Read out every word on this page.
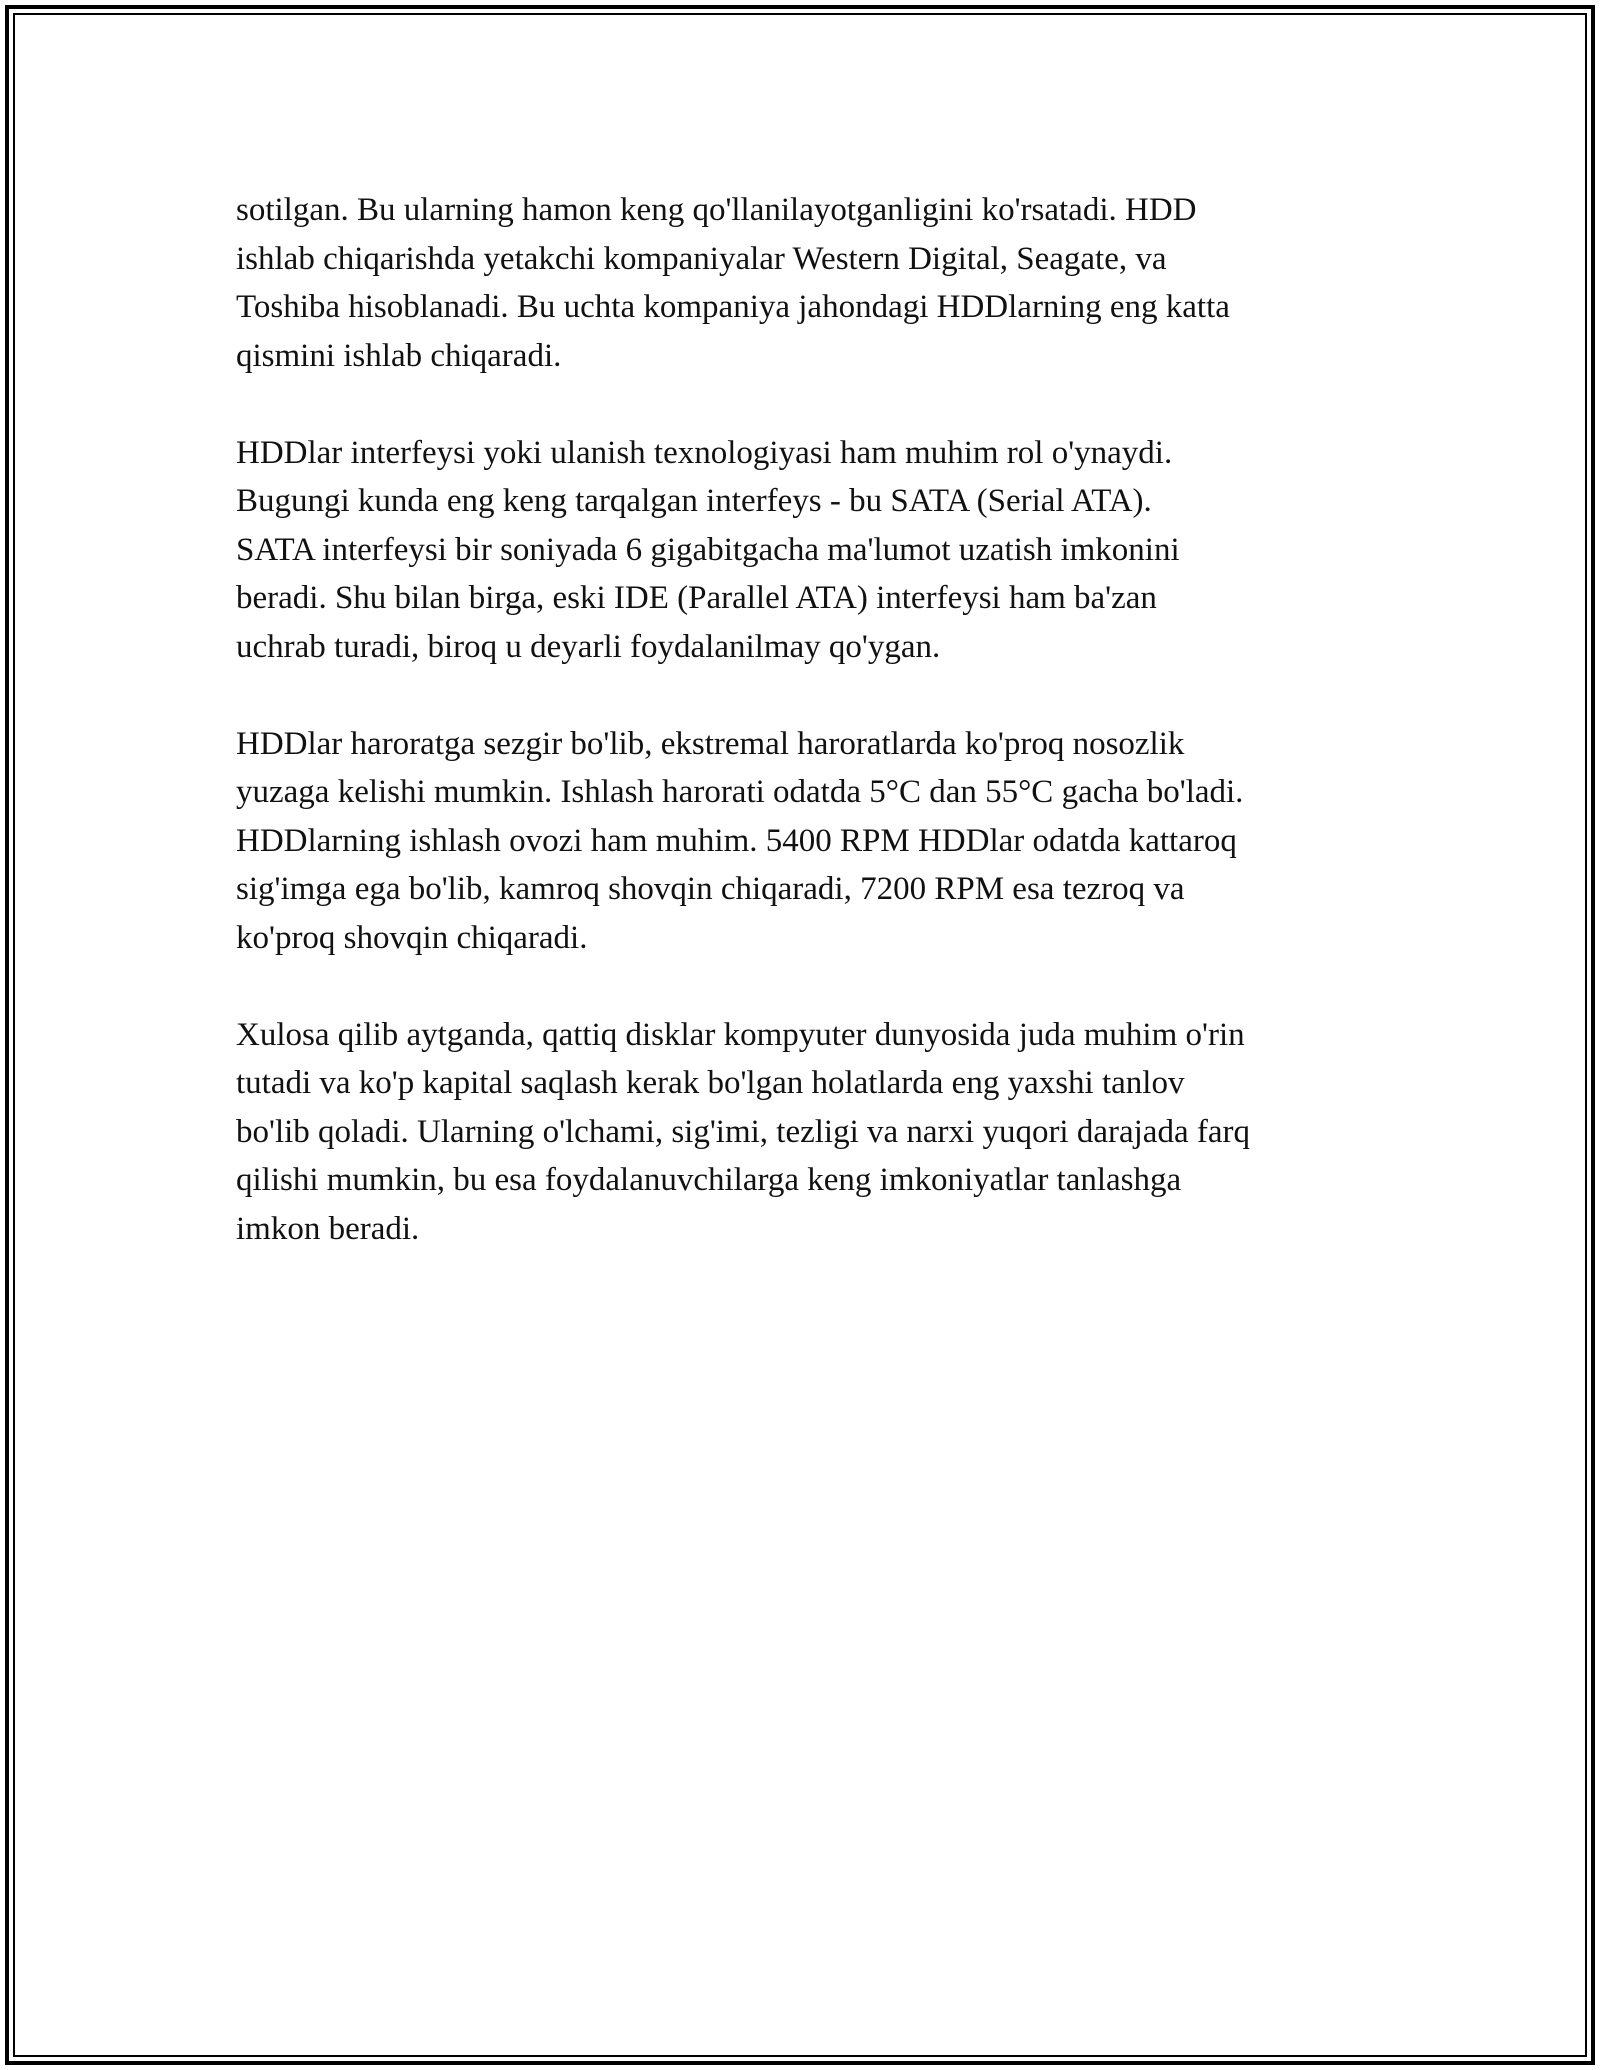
sotilgan. Bu ularning hamon keng qo'llanilayotganligini ko'rsatadi. HDD
ishlab chiqarishda yetakchi kompaniyalar Western Digital, Seagate, va
Toshiba hisoblanadi. Bu uchta kompaniya jahondagi HDDlarning eng katta
qismini ishlab chiqaradi.

HDDlar interfeysi yoki ulanish texnologiyasi ham muhim rol o'ynaydi.
Bugungi kunda eng keng tarqalgan interfeys - bu SATA (Serial ATA).
SATA interfeysi bir soniyada 6 gigabitgacha ma'lumot uzatish imkonini
beradi. Shu bilan birga, eski IDE (Parallel ATA) interfeysi ham ba'zan
uchrab turadi, biroq u deyarli foydalanilmay qo'ygan.

HDDlar haroratga sezgir bo'lib, ekstremal haroratlarda ko'proq nosozlik
yuzaga kelishi mumkin. Ishlash harorati odatda 5°C dan 55°C gacha bo'ladi.
HDDlarning ishlash ovozi ham muhim. 5400 RPM HDDlar odatda kattaroq
sig'imga ega bo'lib, kamroq shovqin chiqaradi, 7200 RPM esa tezroq va
ko'proq shovqin chiqaradi.

Xulosa qilib aytganda, qattiq disklar kompyuter dunyosida juda muhim o'rin
tutadi va ko'p kapital saqlash kerak bo'lgan holatlarda eng yaxshi tanlov
bo'lib qoladi. Ularning o'lchami, sig'imi, tezligi va narxi yuqori darajada farq
qilishi mumkin, bu esa foydalanuvchilarga keng imkoniyatlar tanlashga
imkon beradi.
